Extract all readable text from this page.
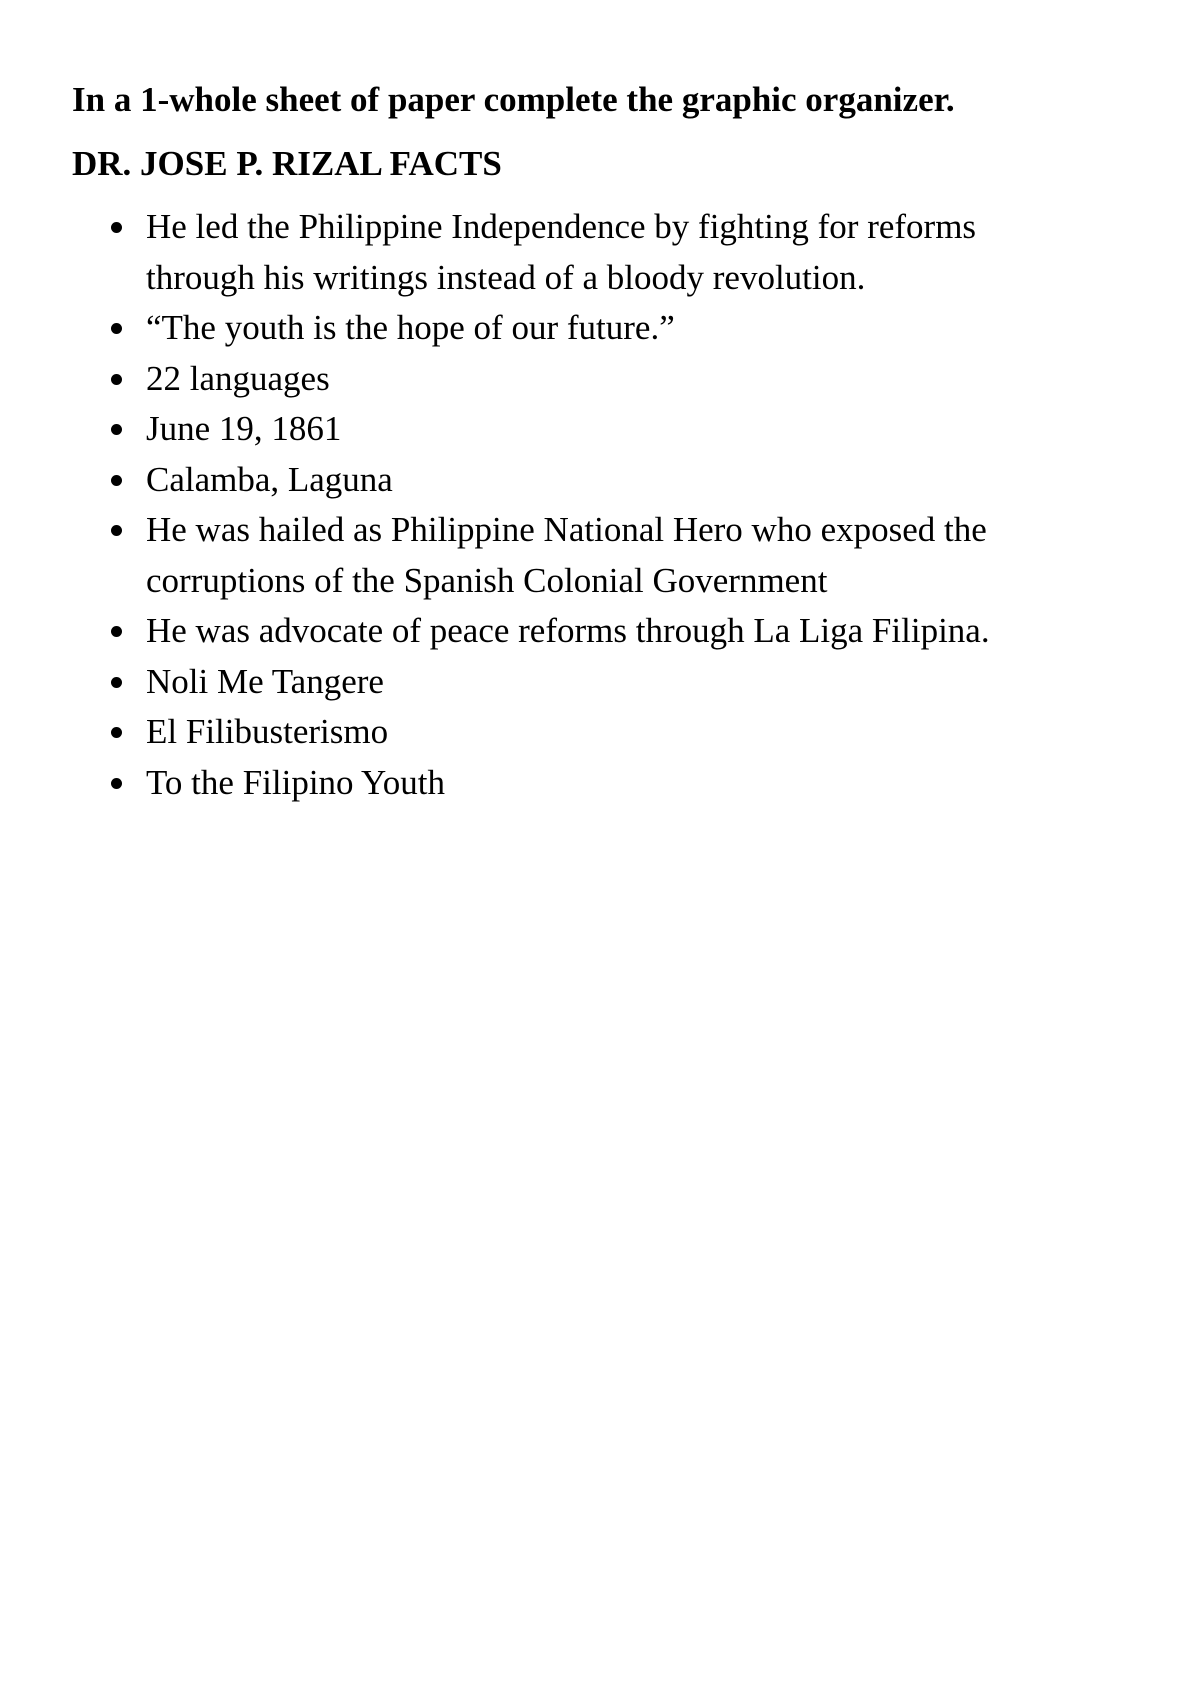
In a 1-whole sheet of paper complete the graphic organizer.

DR. JOSE P. RIZAL FACTS

He led the Philippine Independence by fighting for reforms through his writings instead of a bloody revolution.
“The youth is the hope of our future.”
22 languages
June 19, 1861
Calamba, Laguna
He was hailed as Philippine National Hero who exposed the corruptions of the Spanish Colonial Government
He was advocate of peace reforms through La Liga Filipina.
Noli Me Tangere
El Filibusterismo
To the Filipino Youth
